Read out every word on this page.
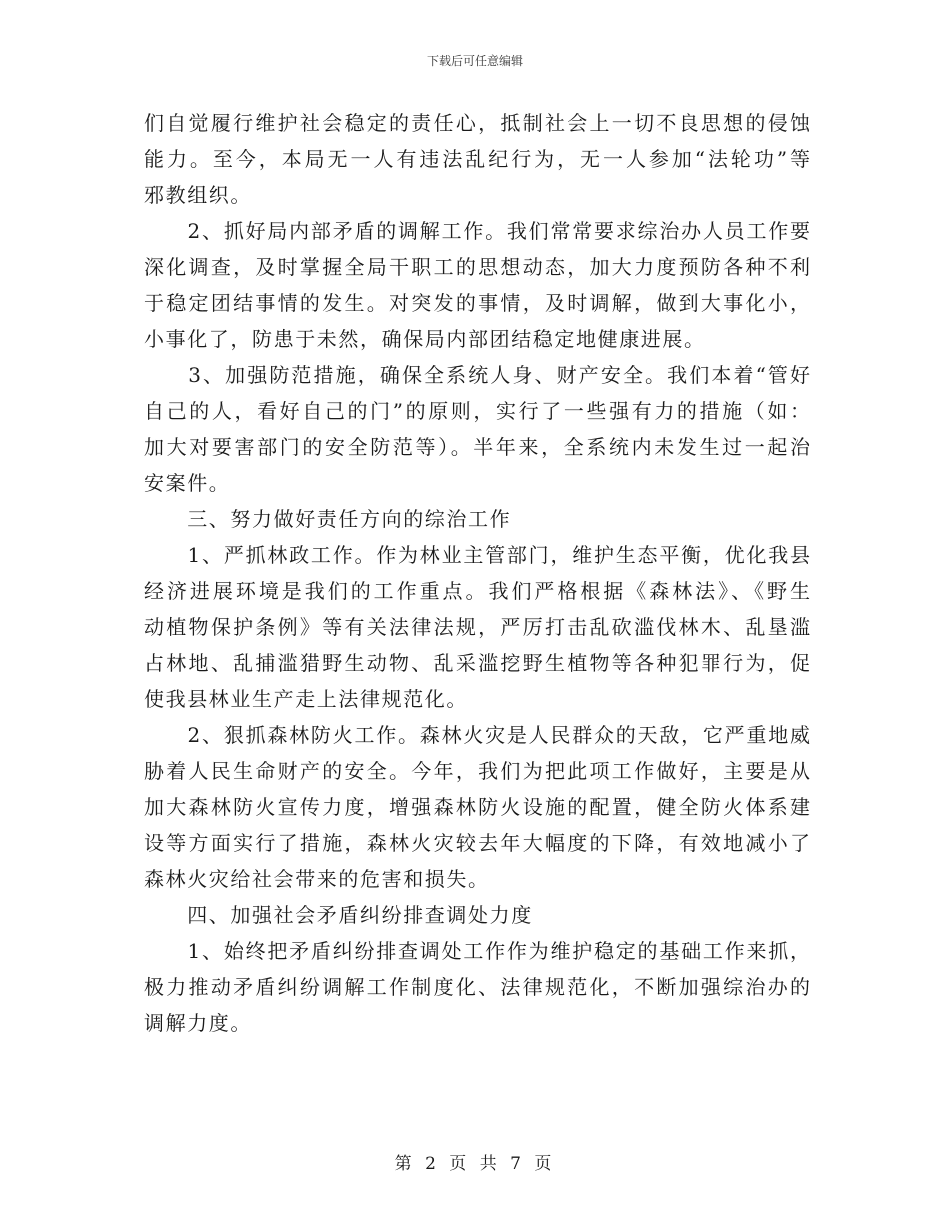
下载后可任意编辑
们自觉履行维护社会稳定的责任心，抵制社会上一切不良思想的侵蚀
能力。至今，本局无一人有违法乱纪行为，无一人参加“法轮功”等
邪教组织。
　　2、抓好局内部矛盾的调解工作。我们常常要求综治办人员工作要
深化调查，及时掌握全局干职工的思想动态，加大力度预防各种不利
于稳定团结事情的发生。对突发的事情，及时调解，做到大事化小，
小事化了，防患于未然，确保局内部团结稳定地健康进展。
　　3、加强防范措施，确保全系统人身、财产安全。我们本着“管好
自己的人，看好自己的门”的原则，实行了一些强有力的措施（如：
加大对要害部门的安全防范等）。半年来，全系统内未发生过一起治
安案件。
　　三、努力做好责任方向的综治工作
　　1、严抓林政工作。作为林业主管部门，维护生态平衡，优化我县
经济进展环境是我们的工作重点。我们严格根据《森林法》、《野生
动植物保护条例》等有关法律法规，严厉打击乱砍滥伐林木、乱垦滥
占林地、乱捕滥猎野生动物、乱采滥挖野生植物等各种犯罪行为，促
使我县林业生产走上法律规范化。
　　2、狠抓森林防火工作。森林火灾是人民群众的天敌，它严重地威
胁着人民生命财产的安全。今年，我们为把此项工作做好，主要是从
加大森林防火宣传力度，增强森林防火设施的配置，健全防火体系建
设等方面实行了措施，森林火灾较去年大幅度的下降，有效地减小了
森林火灾给社会带来的危害和损失。
　　四、加强社会矛盾纠纷排查调处力度
　　1、始终把矛盾纠纷排查调处工作作为维护稳定的基础工作来抓，
极力推动矛盾纠纷调解工作制度化、法律规范化，不断加强综治办的
调解力度。
第 2 页 共 7 页
